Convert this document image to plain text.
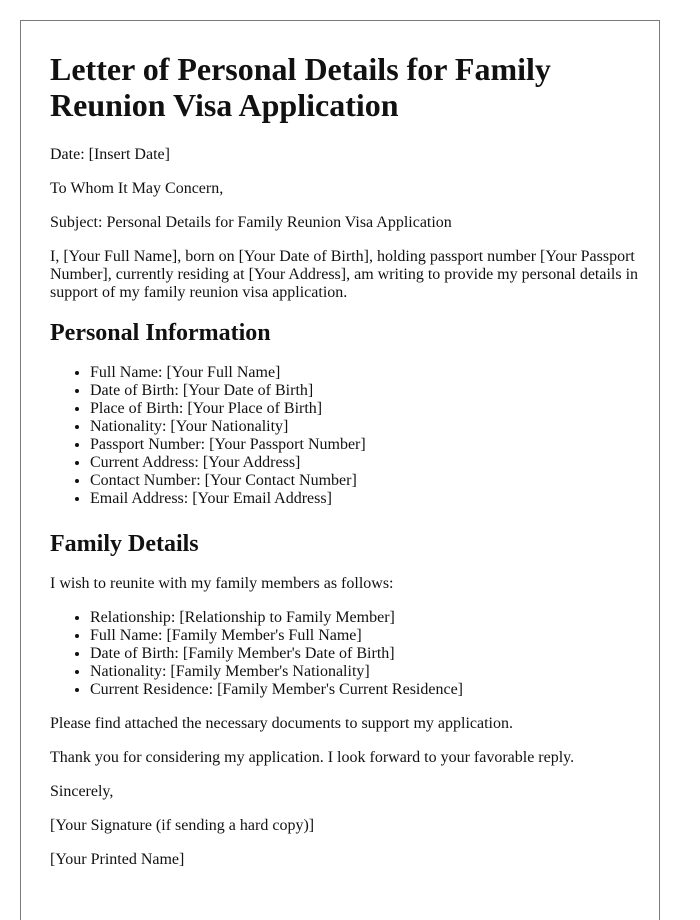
Letter of Personal Details for Family Reunion Visa Application

Date: [Insert Date]

To Whom It May Concern,

Subject: Personal Details for Family Reunion Visa Application

I, [Your Full Name], born on [Your Date of Birth], holding passport number [Your Passport Number], currently residing at [Your Address], am writing to provide my personal details in support of my family reunion visa application.

Personal Information
• Full Name: [Your Full Name]
• Date of Birth: [Your Date of Birth]
• Place of Birth: [Your Place of Birth]
• Nationality: [Your Nationality]
• Passport Number: [Your Passport Number]
• Current Address: [Your Address]
• Contact Number: [Your Contact Number]
• Email Address: [Your Email Address]
Family Details

I wish to reunite with my family members as follows:

• Relationship: [Relationship to Family Member]
• Full Name: [Family Member's Full Name]
• Date of Birth: [Family Member's Date of Birth]
• Nationality: [Family Member's Nationality]
• Current Residence: [Family Member's Current Residence]

Please find attached the necessary documents to support my application.

Thank you for considering my application. I look forward to your favorable reply.

Sincerely,

[Your Signature (if sending a hard copy)]

[Your Printed Name]
